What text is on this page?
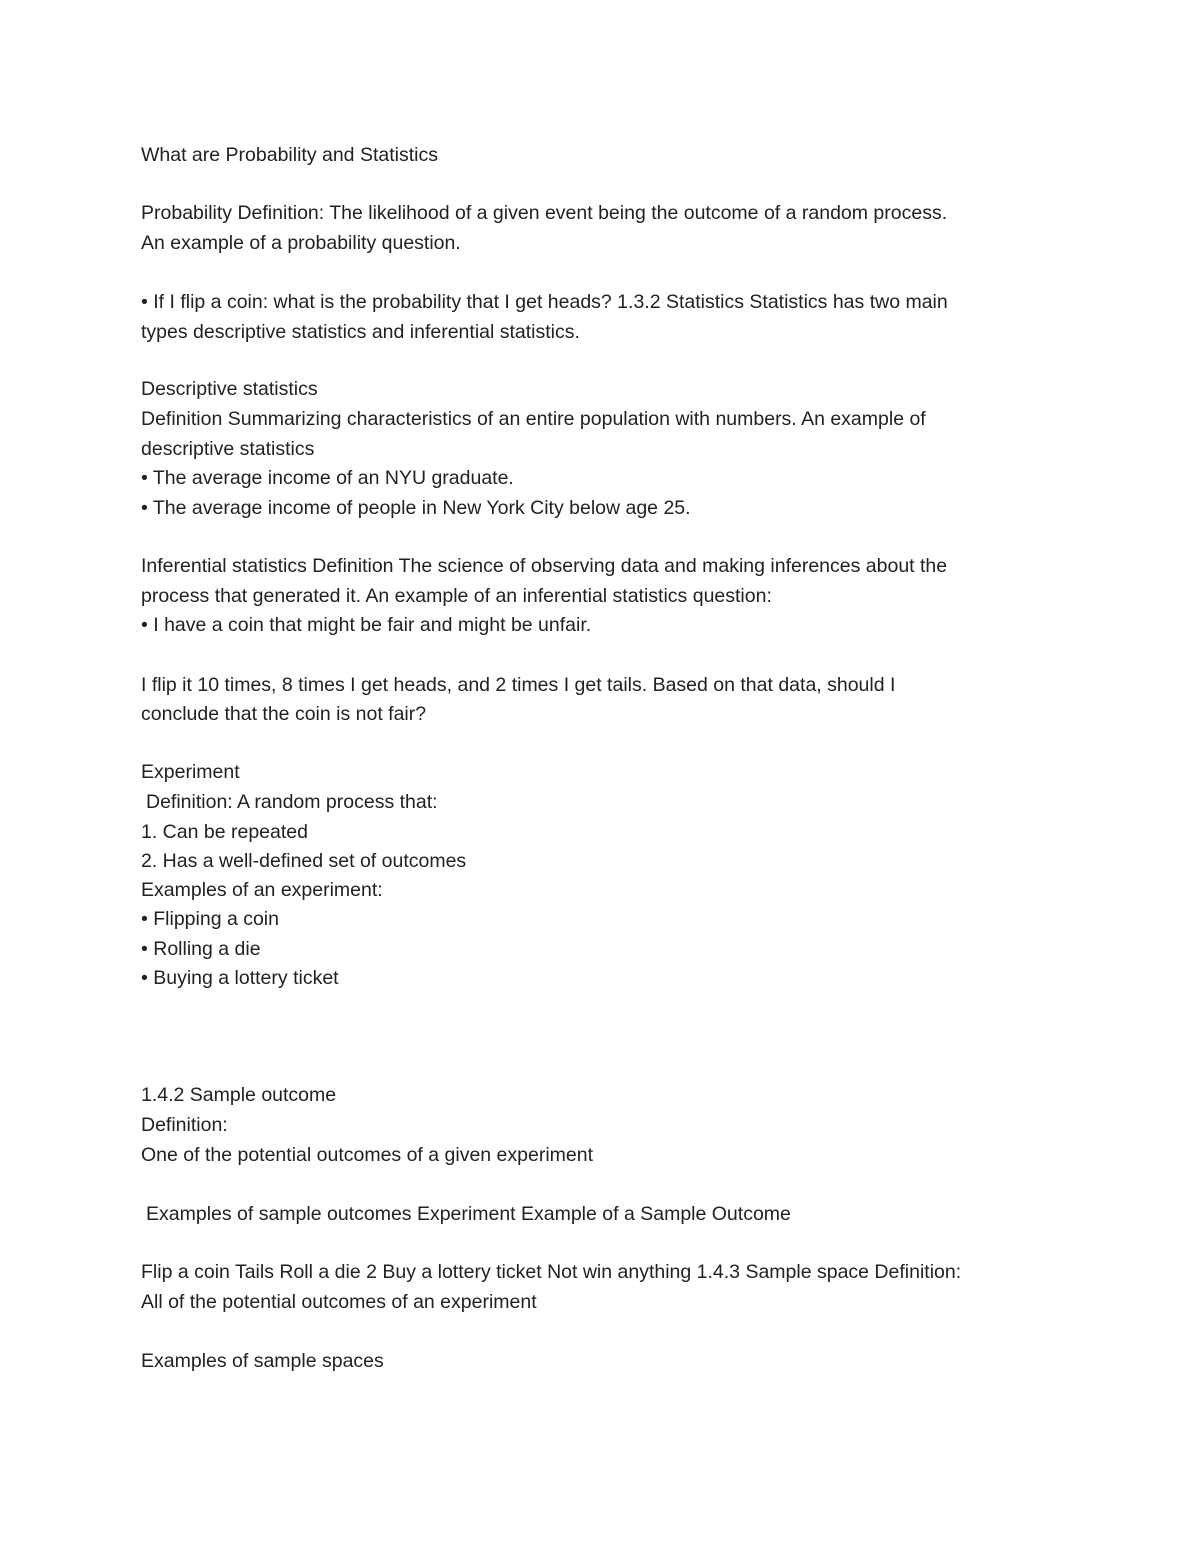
What are Probability and Statistics

Probability Definition: The likelihood of a given event being the outcome of a random process.

An example of a probability question.

• If I flip a coin: what is the probability that I get heads? 1.3.2 Statistics Statistics has two main

types descriptive statistics and inferential statistics.

Descriptive statistics

Definition Summarizing characteristics of an entire population with numbers. An example of

descriptive statistics

• The average income of an NYU graduate.

• The average income of people in New York City below age 25.

Inferential statistics Definition The science of observing data and making inferences about the

process that generated it. An example of an inferential statistics question:

• I have a coin that might be fair and might be unfair.

I flip it 10 times, 8 times I get heads, and 2 times I get tails. Based on that data, should I

conclude that the coin is not fair?

Experiment

Definition: A random process that:

1. Can be repeated

2. Has a well-defined set of outcomes

Examples of an experiment:

• Flipping a coin

• Rolling a die

• Buying a lottery ticket

1.4.2 Sample outcome

Definition:

One of the potential outcomes of a given experiment

Examples of sample outcomes Experiment Example of a Sample Outcome

Flip a coin Tails Roll a die 2 Buy a lottery ticket Not win anything 1.4.3 Sample space Definition:

All of the potential outcomes of an experiment

Examples of sample spaces
